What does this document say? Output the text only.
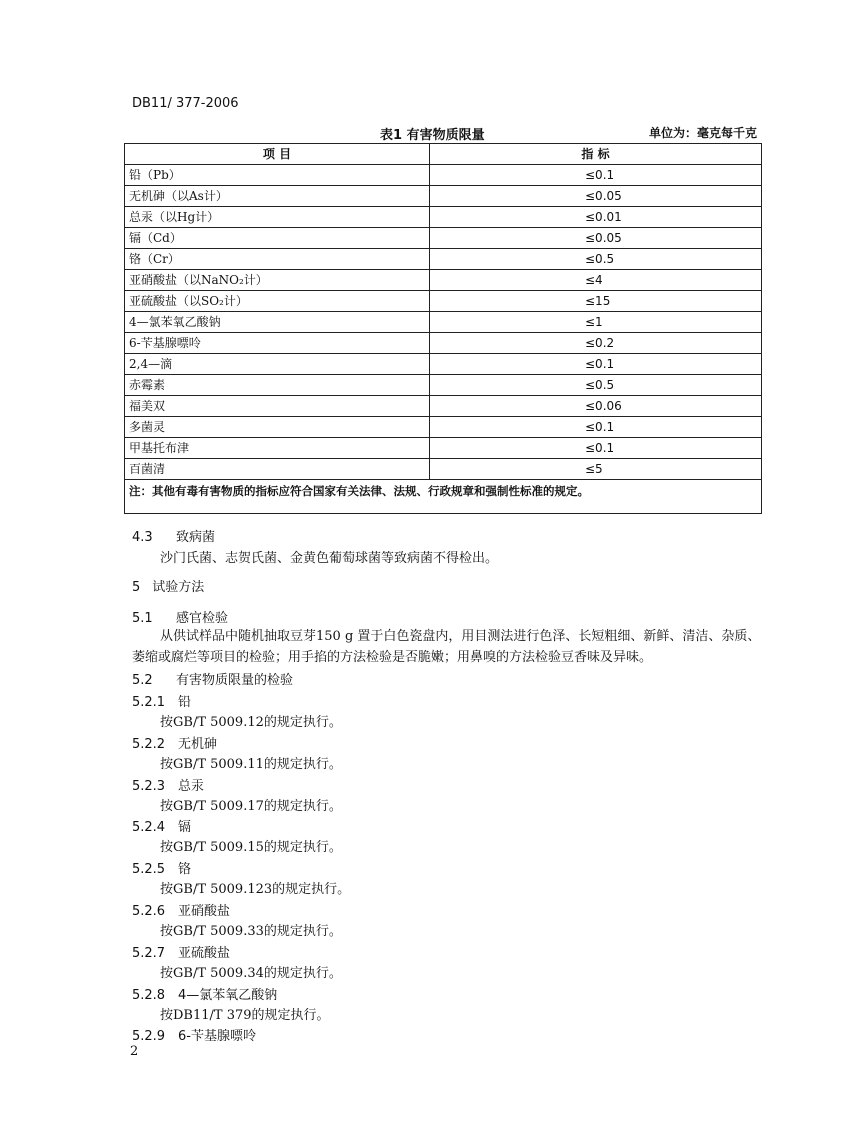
DB11/ 377-2006
表1 有害物质限量	单位为：毫克每千克
项 目	指 标
铅（Pb）	≤0.1
无机砷（以As计）	≤0.05
总汞（以Hg计）	≤0.01
镉（Cd）	≤0.05
铬（Cr）	≤0.5
亚硝酸盐（以NaNO₂计）	≤4
亚硫酸盐（以SO₂计）	≤15
4—氯苯氧乙酸钠	≤1
6-苄基腺嘌呤	≤0.2
2,4—滴	≤0.1
赤霉素	≤0.5
福美双	≤0.06
多菌灵	≤0.1
甲基托布津	≤0.1
百菌清	≤5
注：其他有毒有害物质的指标应符合国家有关法律、法规、行政规章和强制性标准的规定。	
4.3 致病菌
沙门氏菌、志贺氏菌、金黄色葡萄球菌等致病菌不得检出。
5 试验方法
5.1 感官检验
从供试样品中随机抽取豆芽150 g 置于白色瓷盘内，用目测法进行色泽、长短粗细、新鲜、清洁、杂质、萎缩或腐烂等项目的检验；用手掐的方法检验是否脆嫩；用鼻嗅的方法检验豆香味及异味。
5.2 有害物质限量的检验
5.2.1 铅
按GB/T 5009.12的规定执行。
5.2.2 无机砷
按GB/T 5009.11的规定执行。
5.2.3 总汞
按GB/T 5009.17的规定执行。
5.2.4 镉
按GB/T 5009.15的规定执行。
5.2.5 铬
按GB/T 5009.123的规定执行。
5.2.6 亚硝酸盐
按GB/T 5009.33的规定执行。
5.2.7 亚硫酸盐
按GB/T 5009.34的规定执行。
5.2.8 4—氯苯氧乙酸钠
按DB11/T 379的规定执行。
5.2.9 6-苄基腺嘌呤
2
